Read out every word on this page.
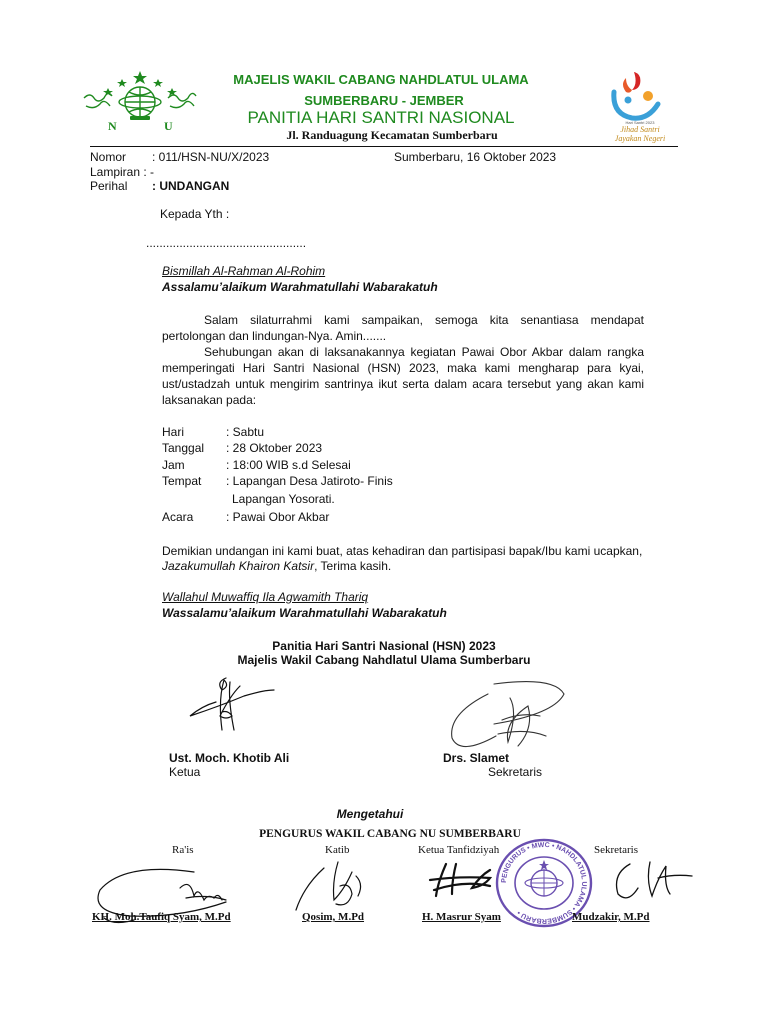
N	U
MAJELIS WAKIL CABANG NAHDLATUL ULAMA
SUMBERBARU - JEMBER
PANITIA HARI SANTRI NASIONAL
Jl. Randuagung Kecamatan Sumberbaru
Hari Santri 2023
Jihad Santri
Jayakan Negeri
Nomor : 011/HSN-NU/X/2023	Sumberbaru, 16 Oktober 2023
Lampiran : -
Perihal : UNDANGAN
Kepada Yth :
................................................
Bismillah Al-Rahman Al-Rohim
Assalamu’alaikum Warahmatullahi Wabarakatuh
Salam silaturrahmi kami sampaikan, semoga kita senantiasa mendapat pertolongan dan lindungan-Nya. Amin.......
Sehubungan akan di laksanakannya kegiatan Pawai Obor Akbar dalam rangka memperingati Hari Santri Nasional (HSN) 2023, maka kami mengharap para kyai, ust/ustadzah untuk mengirim santrinya ikut serta dalam acara tersebut yang akan kami laksanakan pada:
Hari	: Sabtu
Tanggal : 28 Oktober 2023
Jam	: 18:00 WIB s.d Selesai
Tempat : Lapangan Desa Jatiroto- Finis
Lapangan Yosorati.
Acara	: Pawai Obor Akbar
Demikian undangan ini kami buat, atas kehadiran dan partisipasi bapak/Ibu kami ucapkan,
Jazakumullah Khairon Katsir, Terima kasih.
Wallahul Muwaffiq Ila Agwamith Thariq
Wassalamu’alaikum Warahmatullahi Wabarakatuh
Panitia Hari Santri Nasional (HSN) 2023
Majelis Wakil Cabang Nahdlatul Ulama Sumberbaru
Ust. Moch. Khotib Ali
Ketua
Drs. Slamet
Sekretaris
Mengetahui
PENGURUS WAKIL CABANG NU SUMBERBARU
Ra'is	Katib	Ketua Tanfidziyah	Sekretaris
PENGURUS • MWC • NAHDLATUL ULAMA • SUMBERBARU •
KH. Moh.Taufiq Syam, M.Pd	Qosim, M.Pd	H. Masrur Syam	Mudzakir, M.Pd
